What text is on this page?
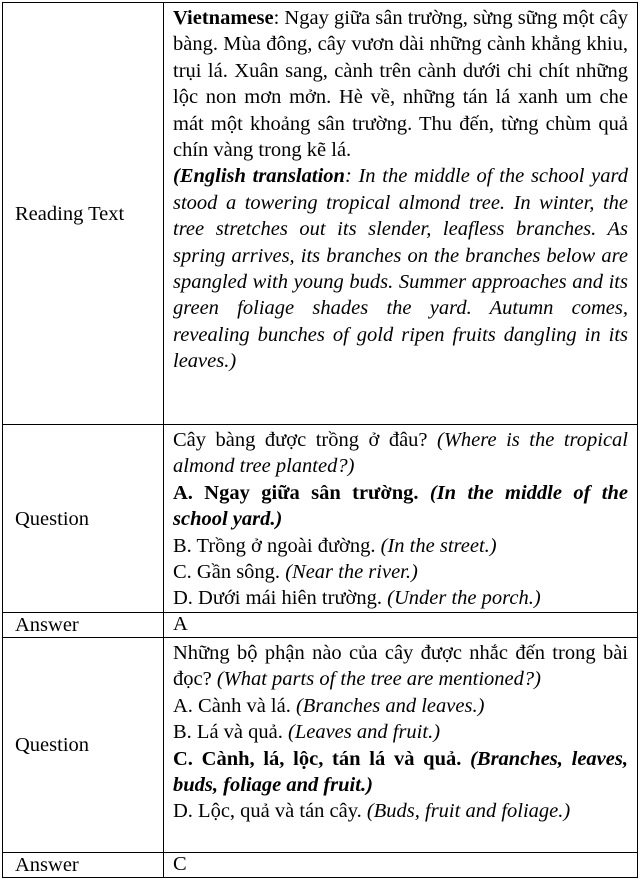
Reading Text

Vietnamese: Ngay giữa sân trường, sừng sững một cây bàng. Mùa đông, cây vươn dài những cành khẳng khiu, trụi lá. Xuân sang, cành trên cành dưới chi chít những lộc non mơn mởn. Hè về, những tán lá xanh um che mát một khoảng sân trường. Thu đến, từng chùm quả chín vàng trong kẽ lá.

(English translation: In the middle of the school yard stood a towering tropical almond tree. In winter, the tree stretches out its slender, leafless branches. As spring arrives, its branches on the branches below are spangled with young buds. Summer approaches and its green foliage shades the yard. Autumn comes, revealing bunches of gold ripen fruits dangling in its leaves.)

Question

Cây bàng được trồng ở đâu? (Where is the tropical almond tree planted?)

A. Ngay giữa sân trường. (In the middle of the school yard.)

B. Trồng ở ngoài đường. (In the street.)

C. Gần sông. (Near the river.)

D. Dưới mái hiên trường. (Under the porch.)

Answer	A

Question

Những bộ phận nào của cây được nhắc đến trong bài đọc? (What parts of the tree are mentioned?)

A. Cành và lá. (Branches and leaves.)

B. Lá và quả. (Leaves and fruit.)

C. Cành, lá, lộc, tán lá và quả. (Branches, leaves, buds, foliage and fruit.)

D. Lộc, quả và tán cây. (Buds, fruit and foliage.)

Answer	C
